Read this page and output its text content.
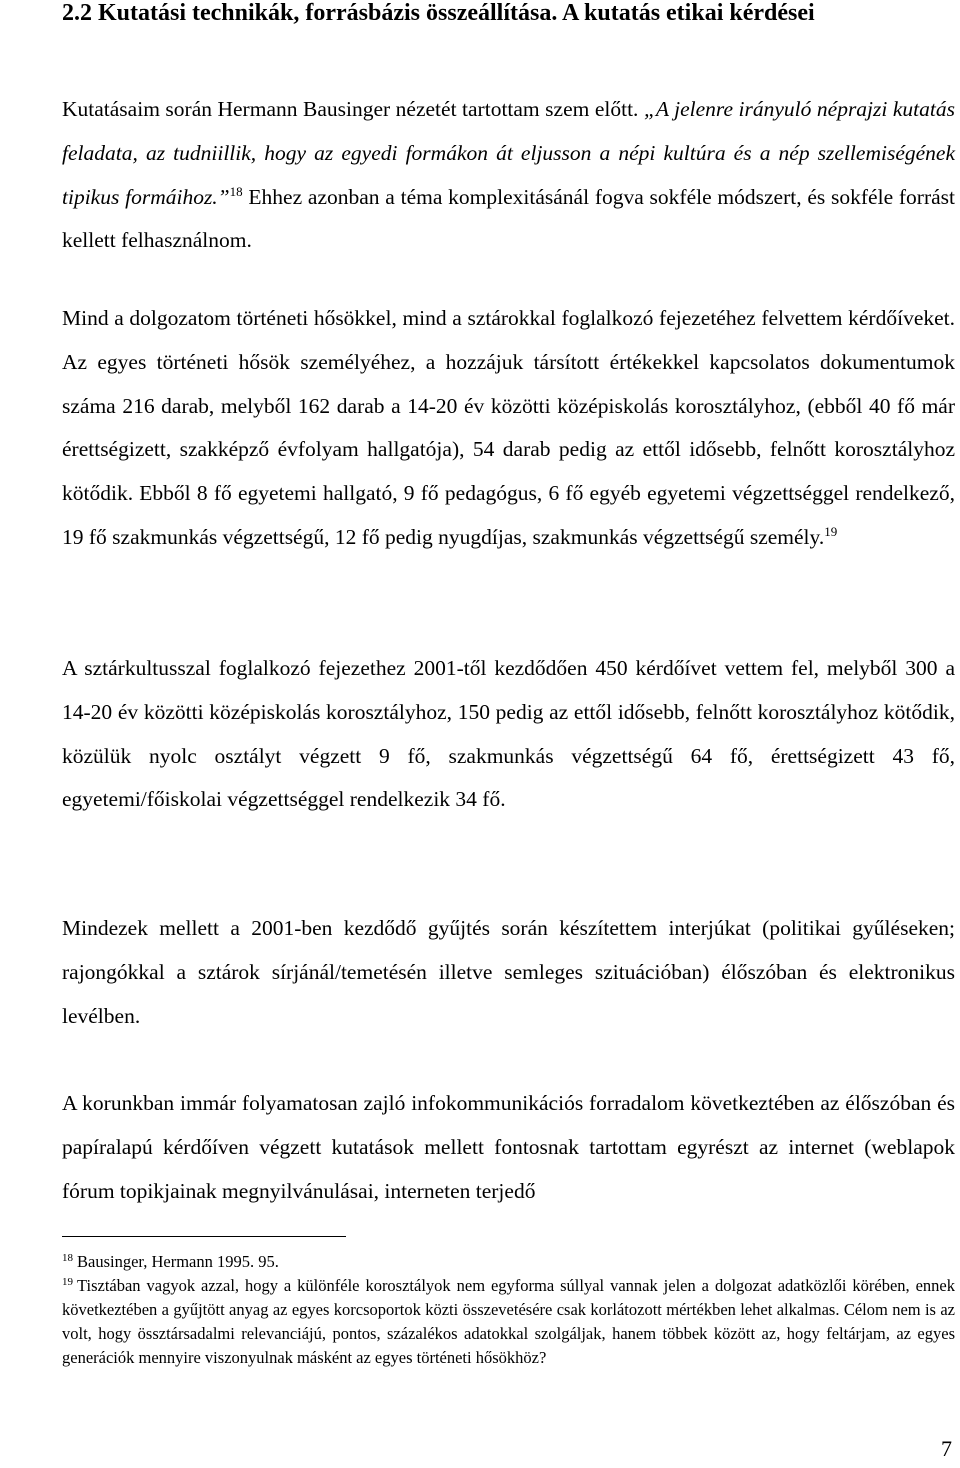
2.2 Kutatási technikák, forrásbázis összeállítása. A kutatás etikai kérdései

Kutatásaim során Hermann Bausinger nézetét tartottam szem előtt. „A jelenre irányuló néprajzi kutatás feladata, az tudniillik, hogy az egyedi formákon át eljusson a népi kultúra és a nép szellemiségének tipikus formáihoz.”$^{18}$ Ehhez azonban a téma komplexitásánál fogva sokféle módszert, és sokféle forrást kellett felhasználnom.

Mind a dolgozatom történeti hősökkel, mind a sztárokkal foglalkozó fejezetéhez felvettem kérdőíveket. Az egyes történeti hősök személyéhez, a hozzájuk társított értékekkel kapcsolatos dokumentumok száma 216 darab, melyből 162 darab a 14-20 év közötti középiskolás korosztályhoz, (ebből 40 fő már érettségizett, szakképző évfolyam hallgatója), 54 darab pedig az ettől idősebb, felnőtt korosztályhoz kötődik. Ebből 8 fő egyetemi hallgató, 9 fő pedagógus, 6 fő egyéb egyetemi végzettséggel rendelkező, 19 fő szakmunkás végzettségű, 12 fő pedig nyugdíjas, szakmunkás végzettségű személy.$^{19}$

A sztárkultusszal foglalkozó fejezethez 2001-től kezdődően 450 kérdőívet vettem fel, melyből 300 a 14-20 év közötti középiskolás korosztályhoz, 150 pedig az ettől idősebb, felnőtt korosztályhoz kötődik, közülük nyolc osztályt végzett 9 fő, szakmunkás végzettségű 64 fő, érettségizett 43 fő, egyetemi/főiskolai végzettséggel rendelkezik 34 fő.

Mindezek mellett a 2001-ben kezdődő gyűjtés során készítettem interjúkat (politikai gyűléseken; rajongókkal a sztárok sírjánál/temetésén illetve semleges szituációban) élőszóban és elektronikus levélben.

A korunkban immár folyamatosan zajló infokommunikációs forradalom következtében az élőszóban és papíralapú kérdőíven végzett kutatások mellett fontosnak tartottam egyrészt az internet (weblapok fórum topikjainak megnyilvánulásai, interneten terjedő

$^{18}$ Bausinger, Hermann 1995. 95.

$^{19}$ Tisztában vagyok azzal, hogy a különféle korosztályok nem egyforma súllyal vannak jelen a dolgozat adatközlői körében, ennek következtében a gyűjtött anyag az egyes korcsoportok közti összevetésére csak korlátozott mértékben lehet alkalmas. Célom nem is az volt, hogy össztársadalmi relevanciájú, pontos, százalékos adatokkal szolgáljak, hanem többek között az, hogy feltárjam, az egyes generációk mennyire viszonyulnak másként az egyes történeti hősökhöz?

7
